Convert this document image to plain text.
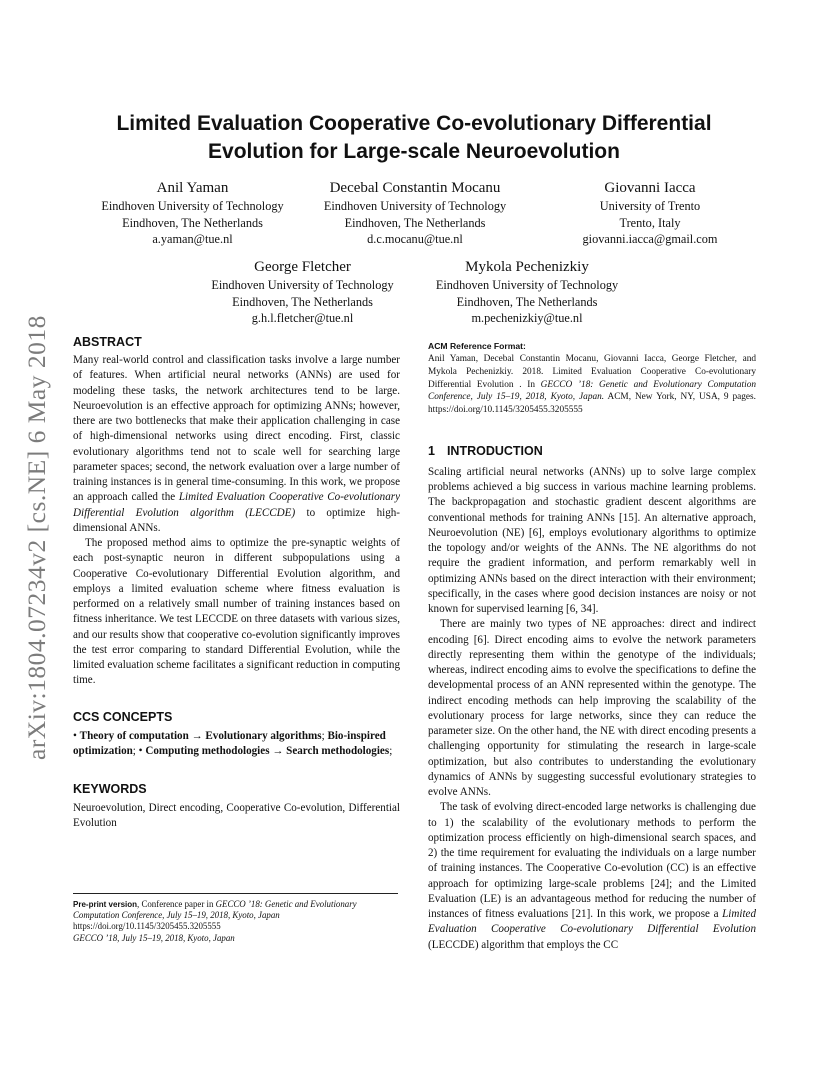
arXiv:1804.07234v2 [cs.NE] 6 May 2018
Limited Evaluation Cooperative Co-evolutionary Differential
Evolution for Large-scale Neuroevolution
Anil Yaman
Eindhoven University of Technology
Eindhoven, The Netherlands
a.yaman@tue.nl
Decebal Constantin Mocanu
Eindhoven University of Technology
Eindhoven, The Netherlands
d.c.mocanu@tue.nl
Giovanni Iacca
University of Trento
Trento, Italy
giovanni.iacca@gmail.com
George Fletcher
Eindhoven University of Technology
Eindhoven, The Netherlands
g.h.l.fletcher@tue.nl
Mykola Pechenizkiy
Eindhoven University of Technology
Eindhoven, The Netherlands
m.pechenizkiy@tue.nl
ABSTRACT

Many real-world control and classification tasks involve a large number of features. When artificial neural networks (ANNs) are used for modeling these tasks, the network architectures tend to be large. Neuroevolution is an effective approach for optimizing ANNs; however, there are two bottlenecks that make their application challenging in case of high-dimensional networks using direct encoding. First, classic evolutionary algorithms tend not to scale well for searching large parameter spaces; second, the network evaluation over a large number of training instances is in general time-consuming. In this work, we propose an approach called the Limited Evaluation Cooperative Co-evolutionary Differential Evolution algorithm (LECCDE) to optimize high-dimensional ANNs.

The proposed method aims to optimize the pre-synaptic weights of each post-synaptic neuron in different subpopulations using a Cooperative Co-evolutionary Differential Evolution algorithm, and employs a limited evaluation scheme where fitness evaluation is performed on a relatively small number of training instances based on fitness inheritance. We test LECCDE on three datasets with various sizes, and our results show that cooperative co-evolution significantly improves the test error comparing to standard Differential Evolution, while the limited evaluation scheme facilitates a significant reduction in computing time.

CCS CONCEPTS

• Theory of computation → Evolutionary algorithms; Bio-inspired optimization; • Computing methodologies → Search methodologies;

KEYWORDS

Neuroevolution, Direct encoding, Cooperative Co-evolution, Differential Evolution

Pre-print version, Conference paper in GECCO ’18: Genetic and Evolutionary Computation Conference, July 15–19, 2018, Kyoto, Japan https://doi.org/10.1145/3205455.3205555
GECCO ’18, July 15–19, 2018, Kyoto, Japan
ACM Reference Format:

Anil Yaman, Decebal Constantin Mocanu, Giovanni Iacca, George Fletcher, and Mykola Pechenizkiy. 2018. Limited Evaluation Cooperative Co-evolutionary Differential Evolution . In GECCO ’18: Genetic and Evolutionary Computation Conference, July 15–19, 2018, Kyoto, Japan. ACM, New York, NY, USA, 9 pages. https://doi.org/10.1145/3205455.3205555

1 INTRODUCTION

Scaling artificial neural networks (ANNs) up to solve large complex problems achieved a big success in various machine learning problems. The backpropagation and stochastic gradient descent algorithms are conventional methods for training ANNs [15]. An alternative approach, Neuroevolution (NE) [6], employs evolutionary algorithms to optimize the topology and/or weights of the ANNs. The NE algorithms do not require the gradient information, and perform remarkably well in optimizing ANNs based on the direct interaction with their environment; specifically, in the cases where good decision instances are noisy or not known for supervised learning [6, 34].

There are mainly two types of NE approaches: direct and indirect encoding [6]. Direct encoding aims to evolve the network parameters directly representing them within the genotype of the individuals; whereas, indirect encoding aims to evolve the specifications to define the developmental process of an ANN represented within the genotype. The indirect encoding methods can help improving the scalability of the evolutionary process for large networks, since they can reduce the parameter size. On the other hand, the NE with direct encoding presents a challenging opportunity for stimulating the research in large-scale optimization, but also contributes to understanding the evolutionary dynamics of ANNs by suggesting successful evolutionary strategies to evolve ANNs.

The task of evolving direct-encoded large networks is challenging due to 1) the scalability of the evolutionary methods to perform the optimization process efficiently on high-dimensional search spaces, and 2) the time requirement for evaluating the individuals on a large number of training instances. The Cooperative Co-evolution (CC) is an effective approach for optimizing large-scale problems [24]; and the Limited Evaluation (LE) is an advantageous method for reducing the number of instances of fitness evaluations [21]. In this work, we propose a Limited Evaluation Cooperative Co-evolutionary Differential Evolution (LECCDE) algorithm that employs the CC
